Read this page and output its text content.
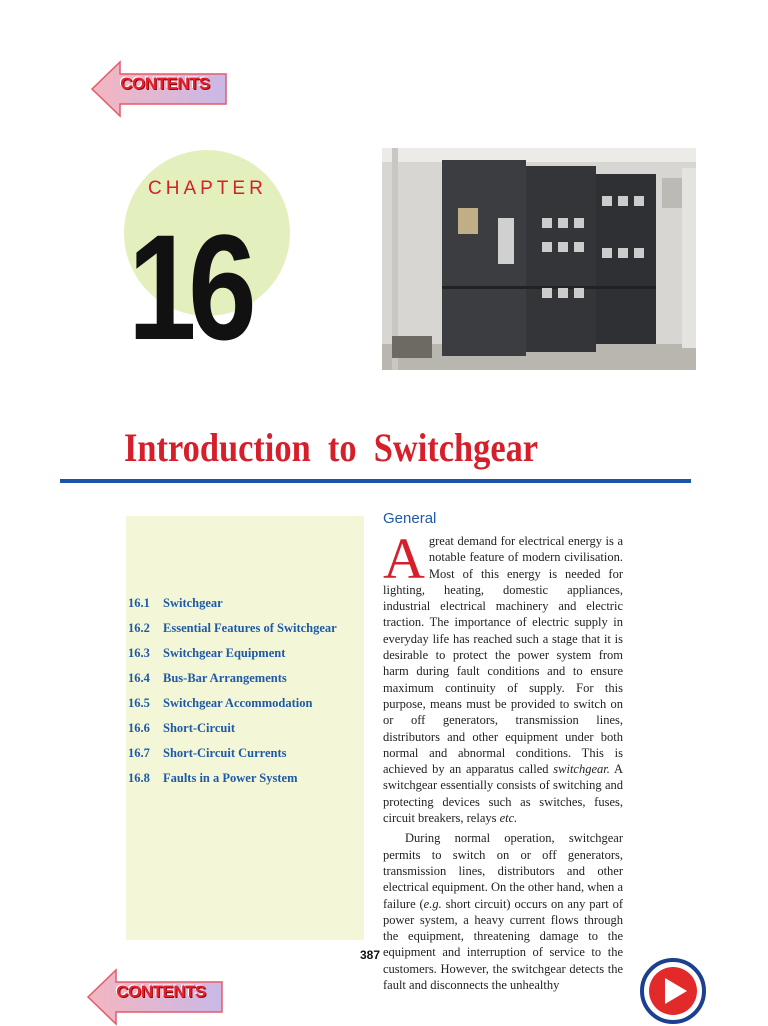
CONTENTS
CHAPTER
16
Introduction to Switchgear
16.1 Switchgear
16.2 Essential Features of Switchgear
16.3 Switchgear Equipment
16.4 Bus-Bar Arrangements
16.5 Switchgear Accommodation
16.6 Short-Circuit
16.7 Short-Circuit Currents
16.8 Faults in a Power System
General

A great demand for electrical energy is a notable feature of modern civilisation. Most of this energy is needed for lighting, heating, domestic appliances, industrial electrical machinery and electric traction. The importance of electric supply in everyday life has reached such a stage that it is desirable to protect the power system from harm during fault conditions and to ensure maximum continuity of supply. For this purpose, means must be provided to switch on or off generators, transmission lines, distributors and other equipment under both normal and abnormal conditions. This is achieved by an apparatus called switchgear. A switchgear essentially consists of switching and protecting devices such as switches, fuses, circuit breakers, relays etc.

During normal operation, switchgear permits to switch on or off generators, transmission lines, distributors and other electrical equipment. On the other hand, when a failure (e.g. short circuit) occurs on any part of power system, a heavy current flows through the equipment, threatening damage to the equipment and interruption of service to the customers. However, the switchgear detects the fault and disconnects the unhealthy

387
CONTENTS
